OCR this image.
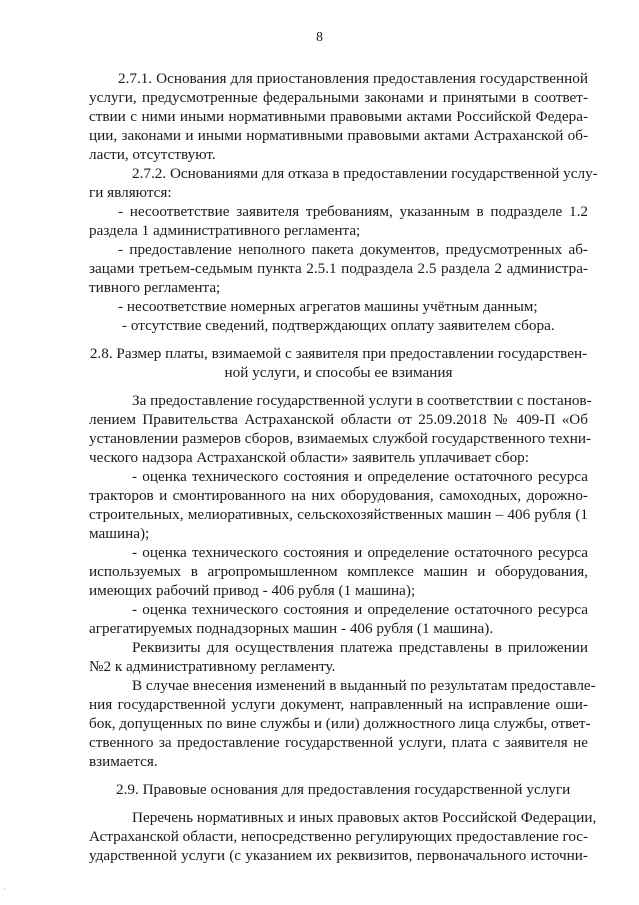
8
2.7.1. Основания для приостановления предоставления государственной
услуги, предусмотренные федеральными законами и принятыми в соответ-
ствии с ними иными нормативными правовыми актами Российской Федера-
ции, законами и иными нормативными правовыми актами Астраханской об-
ласти, отсутствуют.
2.7.2. Основаниями для отказа в предоставлении государственной услу-
ги являются:
- несоответствие заявителя требованиям, указанным в подразделе 1.2
раздела 1 административного регламента;
- предоставление неполного пакета документов, предусмотренных аб-
зацами третьем-седьмым пункта 2.5.1 подраздела 2.5 раздела 2 администра-
тивного регламента;
- несоответствие номерных агрегатов машины учётным данным;
- отсутствие сведений, подтверждающих оплату заявителем сбора.
2.8. Размер платы, взимаемой с заявителя при предоставлении государствен-
ной услуги, и способы ее взимания
За предоставление государственной услуги в соответствии с постанов-
лением Правительства Астраханской области от 25.09.2018 № 409-П «Об
установлении размеров сборов, взимаемых службой государственного техни-
ческого надзора Астраханской области» заявитель уплачивает сбор:
- оценка технического состояния и определение остаточного ресурса
тракторов и смонтированного на них оборудования, самоходных, дорожно-
строительных, мелиоративных, сельскохозяйственных машин – 406 рубля (1
машина);
- оценка технического состояния и определение остаточного ресурса
используемых в агропромышленном комплексе машин и оборудования,
имеющих рабочий привод - 406 рубля (1 машина);
- оценка технического состояния и определение остаточного ресурса
агрегатируемых поднадзорных машин - 406 рубля (1 машина).
Реквизиты для осуществления платежа представлены в приложении
№2 к административному регламенту.
В случае внесения изменений в выданный по результатам предоставле-
ния государственной услуги документ, направленный на исправление оши-
бок, допущенных по вине службы и (или) должностного лица службы, ответ-
ственного за предоставление государственной услуги, плата с заявителя не
взимается.
2.9. Правовые основания для предоставления государственной услуги
Перечень нормативных и иных правовых актов Российской Федерации,
Астраханской области, непосредственно регулирующих предоставление гос-
ударственной услуги (с указанием их реквизитов, первоначального источни-
·
